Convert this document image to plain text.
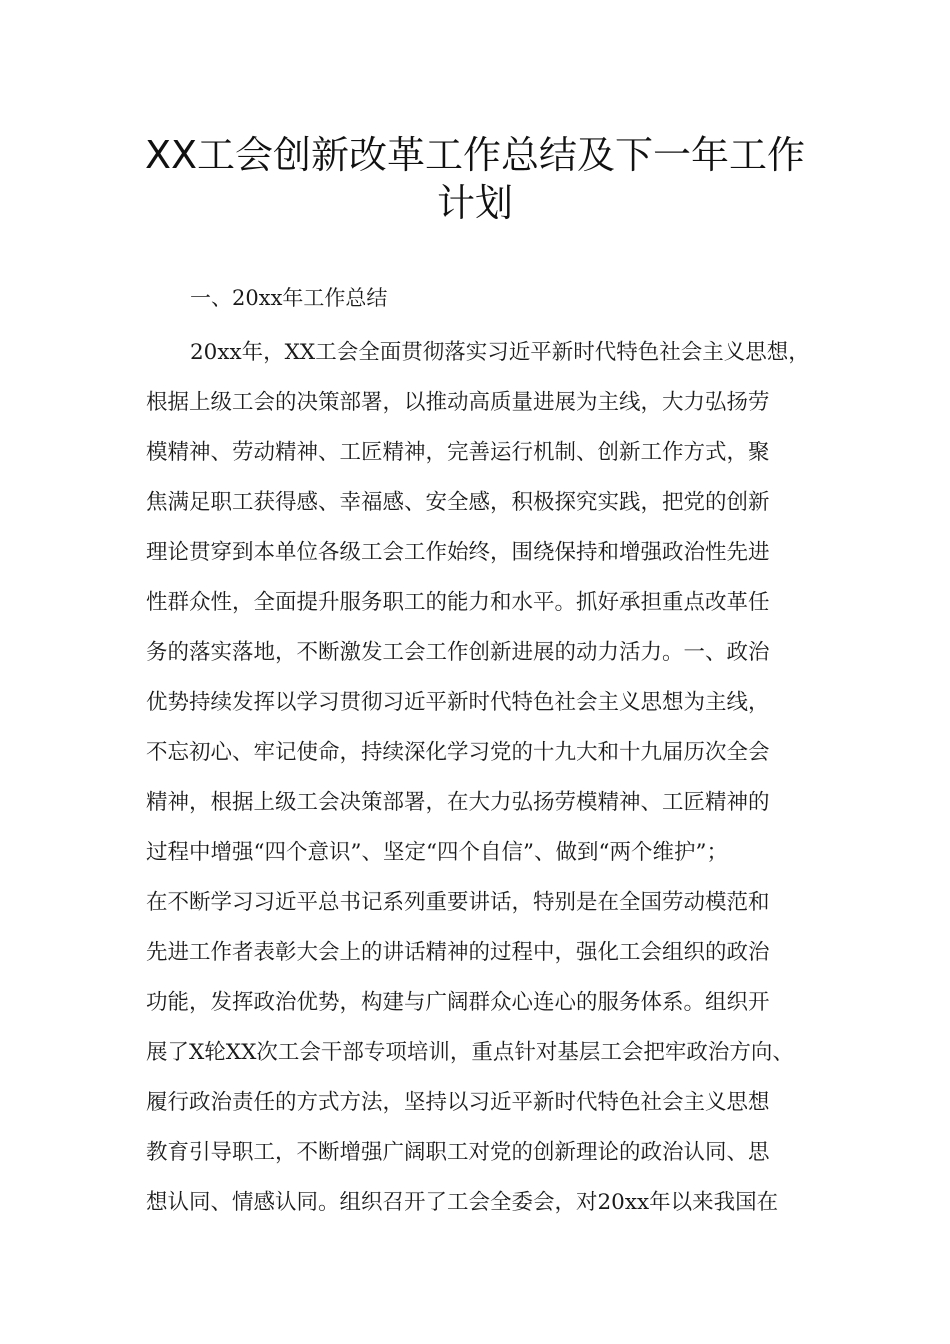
XX工会创新改革工作总结及下一年工作
计划
一、20xx年工作总结
20xx年，XX工会全面贯彻落实习近平新时代特色社会主义思想，
根据上级工会的决策部署，以推动高质量进展为主线，大力弘扬劳
模精神、劳动精神、工匠精神，完善运行机制、创新工作方式，聚
焦满足职工获得感、幸福感、安全感，积极探究实践，把党的创新
理论贯穿到本单位各级工会工作始终，围绕保持和增强政治性先进
性群众性，全面提升服务职工的能力和水平。抓好承担重点改革任
务的落实落地，不断激发工会工作创新进展的动力活力。一、政治
优势持续发挥以学习贯彻习近平新时代特色社会主义思想为主线，
不忘初心、牢记使命，持续深化学习党的十九大和十九届历次全会
精神，根据上级工会决策部署，在大力弘扬劳模精神、工匠精神的
过程中增强“四个意识”、坚定“四个自信”、做到“两个维护”；
在不断学习习近平总书记系列重要讲话，特别是在全国劳动模范和
先进工作者表彰大会上的讲话精神的过程中，强化工会组织的政治
功能，发挥政治优势，构建与广阔群众心连心的服务体系。组织开
展了X轮XX次工会干部专项培训，重点针对基层工会把牢政治方向、
履行政治责任的方式方法，坚持以习近平新时代特色社会主义思想
教育引导职工，不断增强广阔职工对党的创新理论的政治认同、思
想认同、情感认同。组织召开了工会全委会，对20xx年以来我国在
